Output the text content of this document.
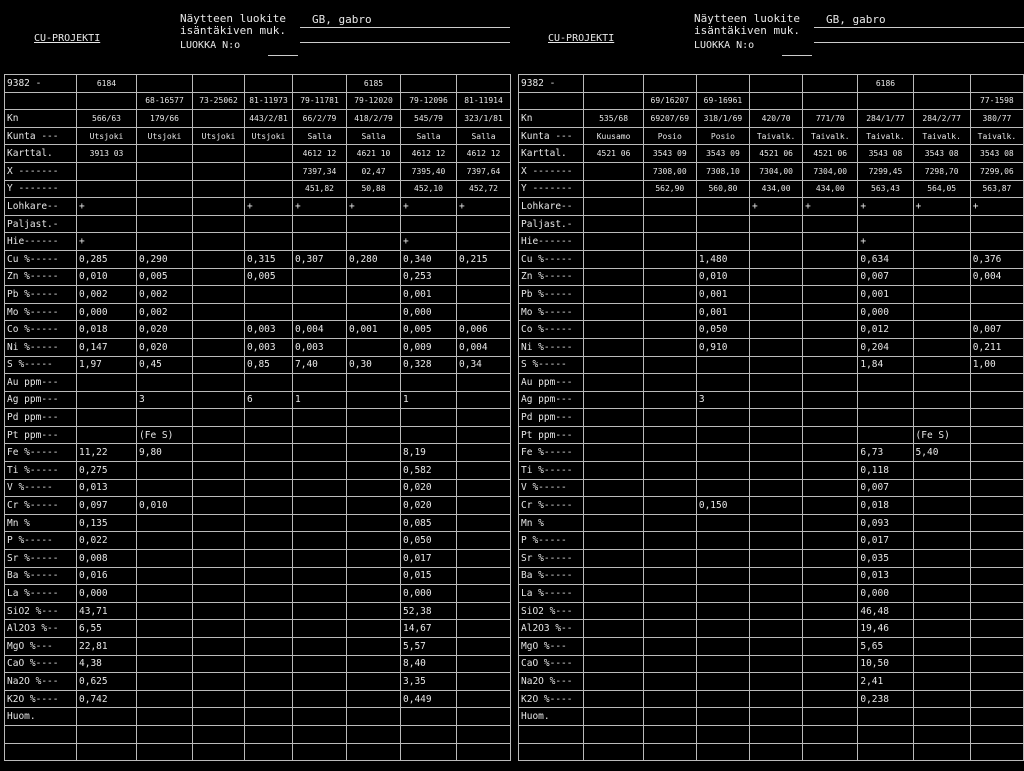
CU-PROJEKTI
Näytteen luokite
isäntäkiven muk.
LUOKKA N:o
GB, gabro
9382 -	6184					6185		
		68-16577	73-25062	81-11973	79-11781	79-12020	79-12096	81-11914
Kn	566/63	179/66		443/2/81	66/2/79	418/2/79	545/79	323/1/81
Kunta ---	Utsjoki	Utsjoki	Utsjoki	Utsjoki	Salla	Salla	Salla	Salla
Karttal.	3913 03				4612 12	4621 10	4612 12	4612 12
X -------					7397,34	02,47	7395,40	7397,64
Y -------					451,82	50,88	452,10	452,72
Lohkare--	+			+	+	+	+	+
Paljast.-								
Hie------	+						+	
Cu %-----	0,285	0,290		0,315	0,307	0,280	0,340	0,215
Zn %-----	0,010	0,005		0,005			0,253	
Pb %-----	0,002	0,002					0,001	
Mo %-----	0,000	0,002					0,000	
Co %-----	0,018	0,020		0,003	0,004	0,001	0,005	0,006
Ni %-----	0,147	0,020		0,003	0,003		0,009	0,004
S %-----	1,97	0,45		0,85	7,40	0,30	0,328	0,34
Au ppm---								
Ag ppm---		3		6	1		1	
Pd ppm---								
Pt ppm---		(Fe S)						
Fe %-----	11,22	9,80					8,19	
Ti %-----	0,275						0,582	
V %-----	0,013						0,020	
Cr %-----	0,097	0,010					0,020	
Mn %	0,135						0,085	
P %-----	0,022						0,050	
Sr %-----	0,008						0,017	
Ba %-----	0,016						0,015	
La %-----	0,000						0,000	
SiO2 %---	43,71						52,38	
Al2O3 %--	6,55						14,67	
MgO %---	22,81						5,57	
CaO %----	4,38						8,40	
Na2O %---	0,625						3,35	
K2O %----	0,742						0,449	
Huom.								

CU-PROJEKTI
Näytteen luokite
isäntäkiven muk.
LUOKKA N:o
GB, gabro
9382 -						6186		
		69/16207	69-16961					77-1598
Kn	535/68	69207/69	318/1/69	420/70	771/70	284/1/77	284/2/77	380/77
Kunta ---	Kuusamo	Posio	Posio	Taivalk.	Taivalk.	Taivalk.	Taivalk.	Taivalk.
Karttal.	4521 06	3543 09	3543 09	4521 06	4521 06	3543 08	3543 08	3543 08
X -------		7308,00	7308,10	7304,00	7304,00	7299,45	7298,70	7299,06
Y -------		562,90	560,80	434,00	434,00	563,43	564,05	563,87
Lohkare--				+	+	+	+	+
Paljast.-								
Hie------						+		
Cu %-----			1,480			0,634		0,376
Zn %-----			0,010			0,007		0,004
Pb %-----			0,001			0,001		
Mo %-----			0,001			0,000		
Co %-----			0,050			0,012		0,007
Ni %-----			0,910			0,204		0,211
S %-----						1,84		1,00
Au ppm---								
Ag ppm---			3					
Pd ppm---								
Pt ppm---							(Fe S)	
Fe %-----						6,73	5,40	
Ti %-----						0,118		
V %-----						0,007		
Cr %-----			0,150			0,018		
Mn %						0,093		
P %-----						0,017		
Sr %-----						0,035		
Ba %-----						0,013		
La %-----						0,000		
SiO2 %---						46,48		
Al2O3 %--						19,46		
MgO %---						5,65		
CaO %----						10,50		
Na2O %---						2,41		
K2O %----						0,238		
Huom.								
